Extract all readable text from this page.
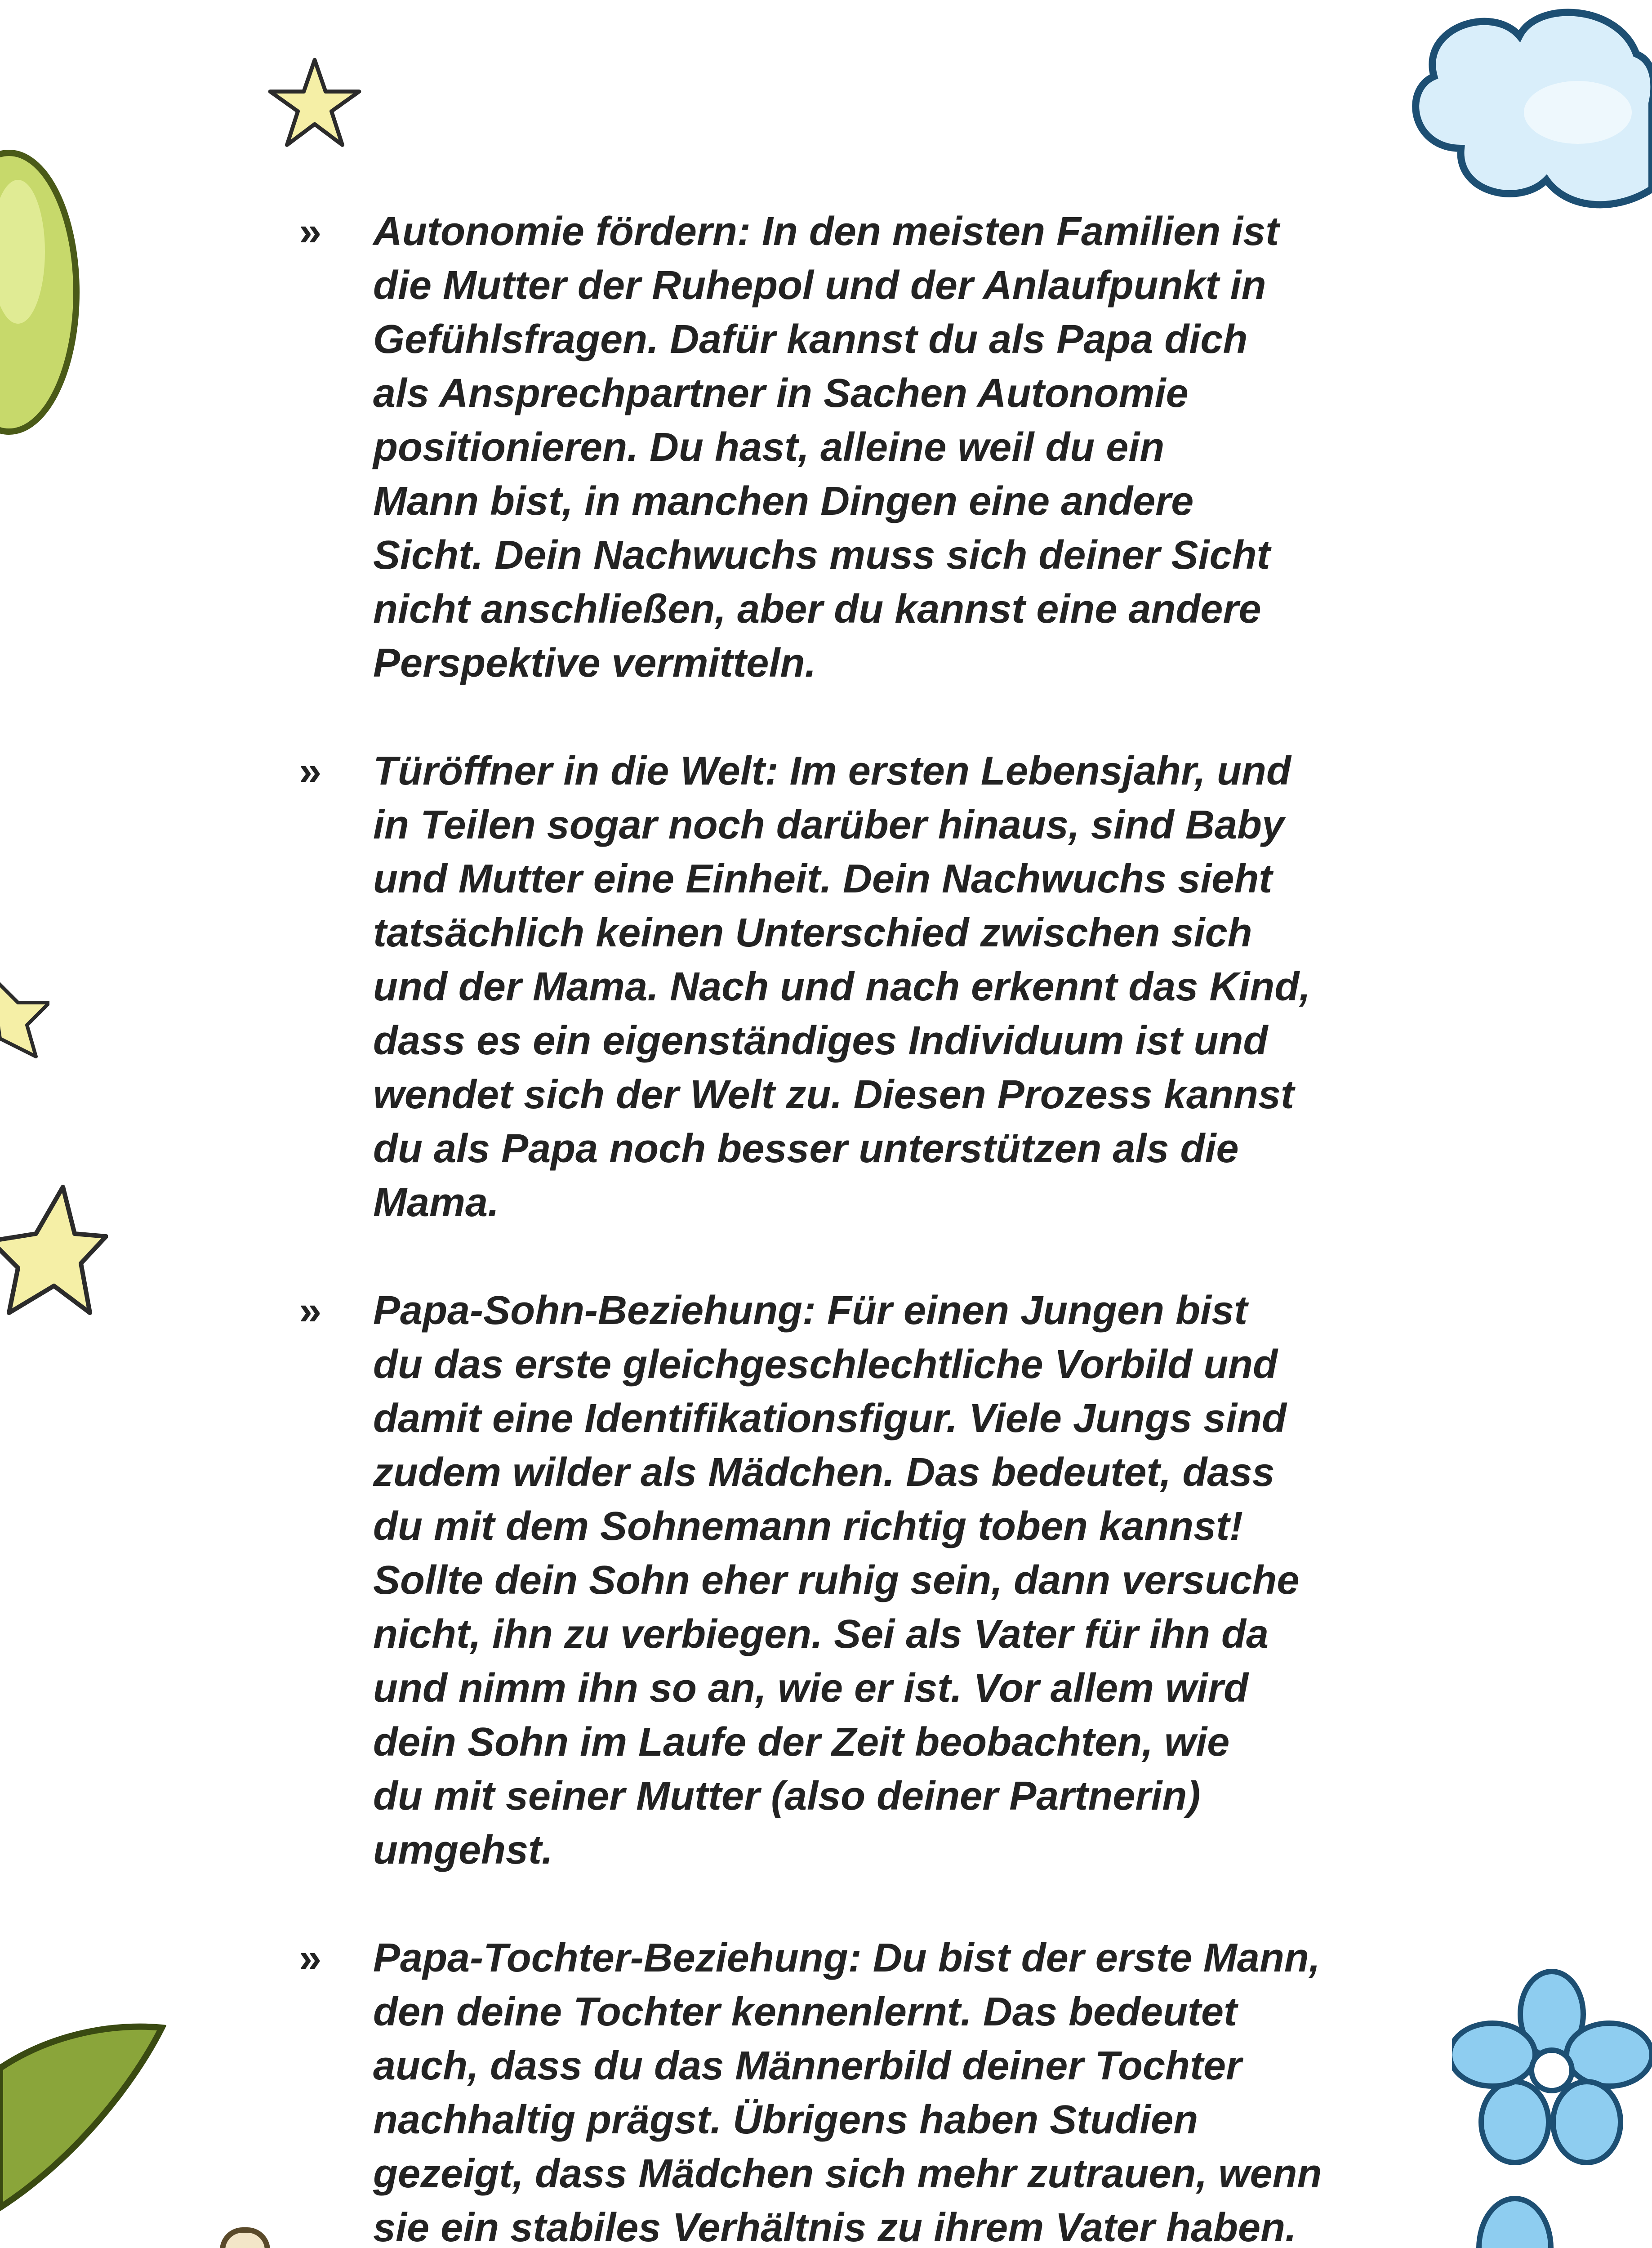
» Autonomie fördern: In den meisten Familien ist
die Mutter der Ruhepol und der Anlaufpunkt in
Gefühlsfragen. Dafür kannst du als Papa dich
als Ansprechpartner in Sachen Autonomie
positionieren. Du hast, alleine weil du ein
Mann bist, in manchen Dingen eine andere
Sicht. Dein Nachwuchs muss sich deiner Sicht
nicht anschließen, aber du kannst eine andere
Perspektive vermitteln.
» Türöffner in die Welt: Im ersten Lebensjahr, und
in Teilen sogar noch darüber hinaus, sind Baby
und Mutter eine Einheit. Dein Nachwuchs sieht
tatsächlich keinen Unterschied zwischen sich
und der Mama. Nach und nach erkennt das Kind,
dass es ein eigenständiges Individuum ist und
wendet sich der Welt zu. Diesen Prozess kannst
du als Papa noch besser unterstützen als die
Mama.
» Papa-Sohn-Beziehung: Für einen Jungen bist
du das erste gleichgeschlechtliche Vorbild und
damit eine Identifikationsfigur. Viele Jungs sind
zudem wilder als Mädchen. Das bedeutet, dass
du mit dem Sohnemann richtig toben kannst!
Sollte dein Sohn eher ruhig sein, dann versuche
nicht, ihn zu verbiegen. Sei als Vater für ihn da
und nimm ihn so an, wie er ist. Vor allem wird
dein Sohn im Laufe der Zeit beobachten, wie
du mit seiner Mutter (also deiner Partnerin)
umgehst.
» Papa-Tochter-Beziehung: Du bist der erste Mann,
den deine Tochter kennenlernt. Das bedeutet
auch, dass du das Männerbild deiner Tochter
nachhaltig prägst. Übrigens haben Studien
gezeigt, dass Mädchen sich mehr zutrauen, wenn
sie ein stabiles Verhältnis zu ihrem Vater haben.
